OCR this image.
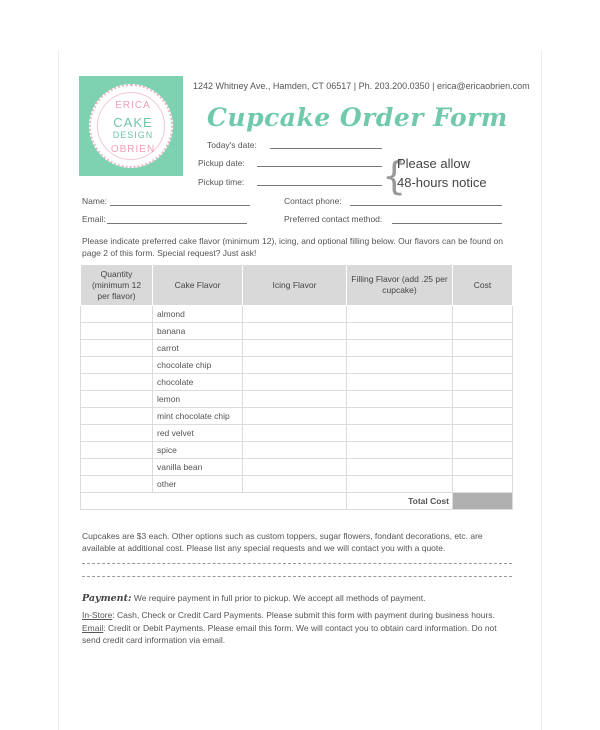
ERICA
CAKE
DESIGN
OBRIEN
1242 Whitney Ave., Hamden, CT 06517 | Ph. 203.200.0350 | erica@ericaobrien.com
Cupcake Order Form
Today's date:
Pickup date:
Pickup time:	{
Please allow
48-hours notice
Name:
Email:
Contact phone:
Preferred contact method:
Please indicate preferred cake flavor (minimum 12), icing, and optional filling below. Our flavors can be found on page 2 of this form. Special request? Just ask!
Quantity (minimum 12 per flavor)	Cake Flavor	Icing Flavor	Filling Flavor (add .25 per cupcake)	Cost
	almond			
	banana			
	carrot			
	chocolate chip			
	chocolate			
	lemon			
	mint chocolate chip			
	red velvet			
	spice			
	vanilla bean			
	other			
			Total Cost	
Cupcakes are $3 each. Other options such as custom toppers, sugar flowers, fondant decorations, etc. are available at additional cost. Please list any special requests and we will contact you with a quote.
Payment: We require payment in full prior to pickup. We accept all methods of payment.
In-Store: Cash, Check or Credit Card Payments. Please submit this form with payment during business hours.
Email: Credit or Debit Payments. Please email this form. We will contact you to obtain card information. Do not send credit card information via email.
